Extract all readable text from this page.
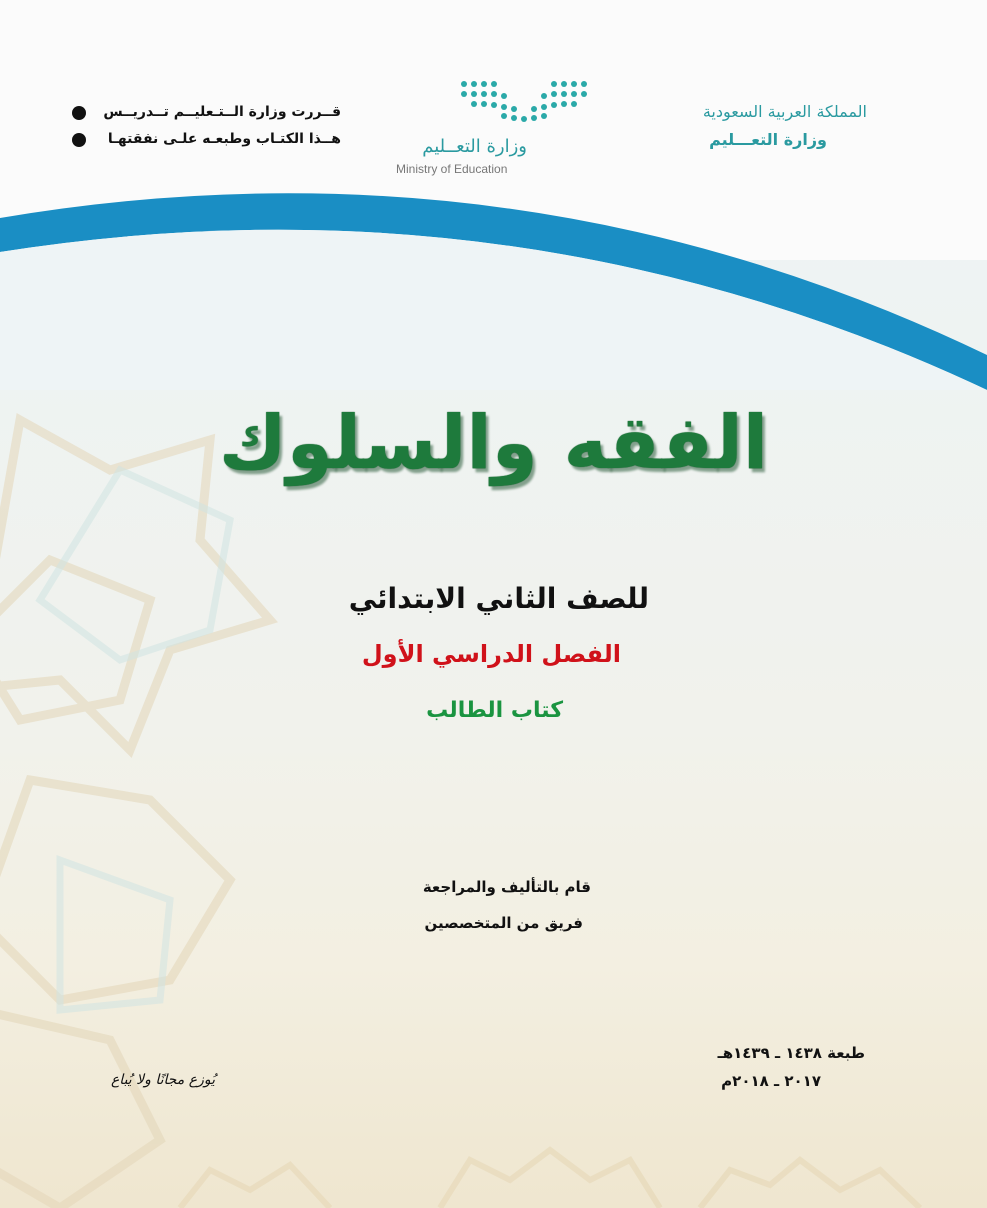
قــررت وزارة الــتـعليــم تــدريــس
هــذا الكتـاب وطبعـه علـى نفقتهـا	وزارة التعــليم
Ministry of Education
المملكة العربية السعودية
وزارة التعـــليم
الفقه والسلوك
للصف الثاني الابتدائي
الفصل الدراسي الأول
كتاب الطالب
قام بالتأليف والمراجعة
فريق من المتخصصين
طبعة ١٤٣٨ ـ ١٤٣٩هـ
٢٠١٧ ـ ٢٠١٨م
يُوزع مجانًا ولا يُباع
